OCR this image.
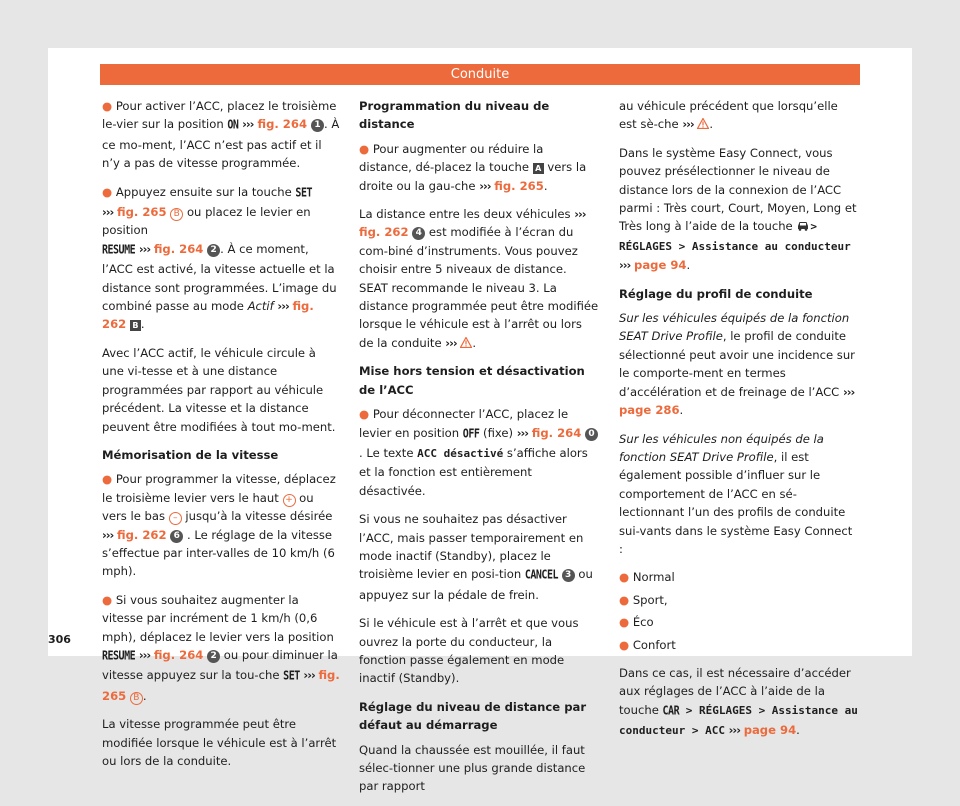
Conduite

● Pour activer l’ACC, placez le troisième le-vier sur la position ON ››› fig. 264 1 . À ce mo-ment, l’ACC n’est pas actif et il n’y a pas de vitesse programmée.

● Appuyez ensuite sur la touche SET
››› fig. 265 B ou placez le levier en position
RESUME ››› fig. 264 2 . À ce moment, l’ACC est activé, la vitesse actuelle et la distance sont programmées. L’image du combiné passe au mode Actif ››› fig. 262 B .

Avec l’ACC actif, le véhicule circule à une vi-tesse et à une distance programmées par rapport au véhicule précédent. La vitesse et la distance peuvent être modifiées à tout mo-ment.

Mémorisation de la vitesse

● Pour programmer la vitesse, déplacez le troisième levier vers le haut + ou vers le bas – jusqu’à la vitesse désirée ››› fig. 262 6 . Le réglage de la vitesse s’effectue par inter-valles de 10 km/h (6 mph).

● Si vous souhaitez augmenter la vitesse par incrément de 1 km/h (0,6 mph), déplacez le levier vers la position RESUME ››› fig. 264 2 ou pour diminuer la vitesse appuyez sur la tou-che SET ››› fig. 265 B .

La vitesse programmée peut être modifiée lorsque le véhicule est à l’arrêt ou lors de la conduite.

Programmation du niveau de distance

● Pour augmenter ou réduire la distance, dé-placez la touche A vers la droite ou la gau-che ››› fig. 265.

La distance entre les deux véhicules ››› fig. 262 4 est modifiée à l’écran du com-biné d’instruments. Vous pouvez choisir entre 5 niveaux de distance. SEAT recommande le niveau 3. La distance programmée peut être modifiée lorsque le véhicule est à l’arrêt ou lors de la conduite ››› .

Mise hors tension et désactivation de l’ACC

● Pour déconnecter l’ACC, placez le levier en position OFF (fixe) ››› fig. 264 0. Le texte ACC désactivé s’affiche alors et la fonction est entièrement désactivée.

Si vous ne souhaitez pas désactiver l’ACC, mais passer temporairement en mode inactif (Standby), placez le troisième levier en posi-tion CANCEL 3 ou appuyez sur la pédale de frein.

Si le véhicule est à l’arrêt et que vous ouvrez la porte du conducteur, la fonction passe également en mode inactif (Standby).

Réglage du niveau de distance par défaut au démarrage

Quand la chaussée est mouillée, il faut sélec-tionner une plus grande distance par rapport

au véhicule précédent que lorsqu’elle est sè-che ››› .

Dans le système Easy Connect, vous pouvez présélectionner le niveau de distance lors de la connexion de l’ACC parmi : Très court, Court, Moyen, Long et Très long à l’aide de la touche > RÉGLAGES > Assistance au conducteur ››› page 94.

Réglage du profil de conduite

Sur les véhicules équipés de la fonction SEAT Drive Profile, le profil de conduite sélectionné peut avoir une incidence sur le comporte-ment en termes d’accélération et de freinage de l’ACC ››› page 286.

Sur les véhicules non équipés de la fonction SEAT Drive Profile, il est également possible d’influer sur le comportement de l’ACC en sé-lectionnant l’un des profils de conduite sui-vants dans le système Easy Connect :

● Normal

● Sport,

● Éco

● Confort

Dans ce cas, il est nécessaire d’accéder aux réglages de l’ACC à l’aide de la touche CAR > RÉGLAGES > Assistance au conducteur > ACC ››› page 94.

306
